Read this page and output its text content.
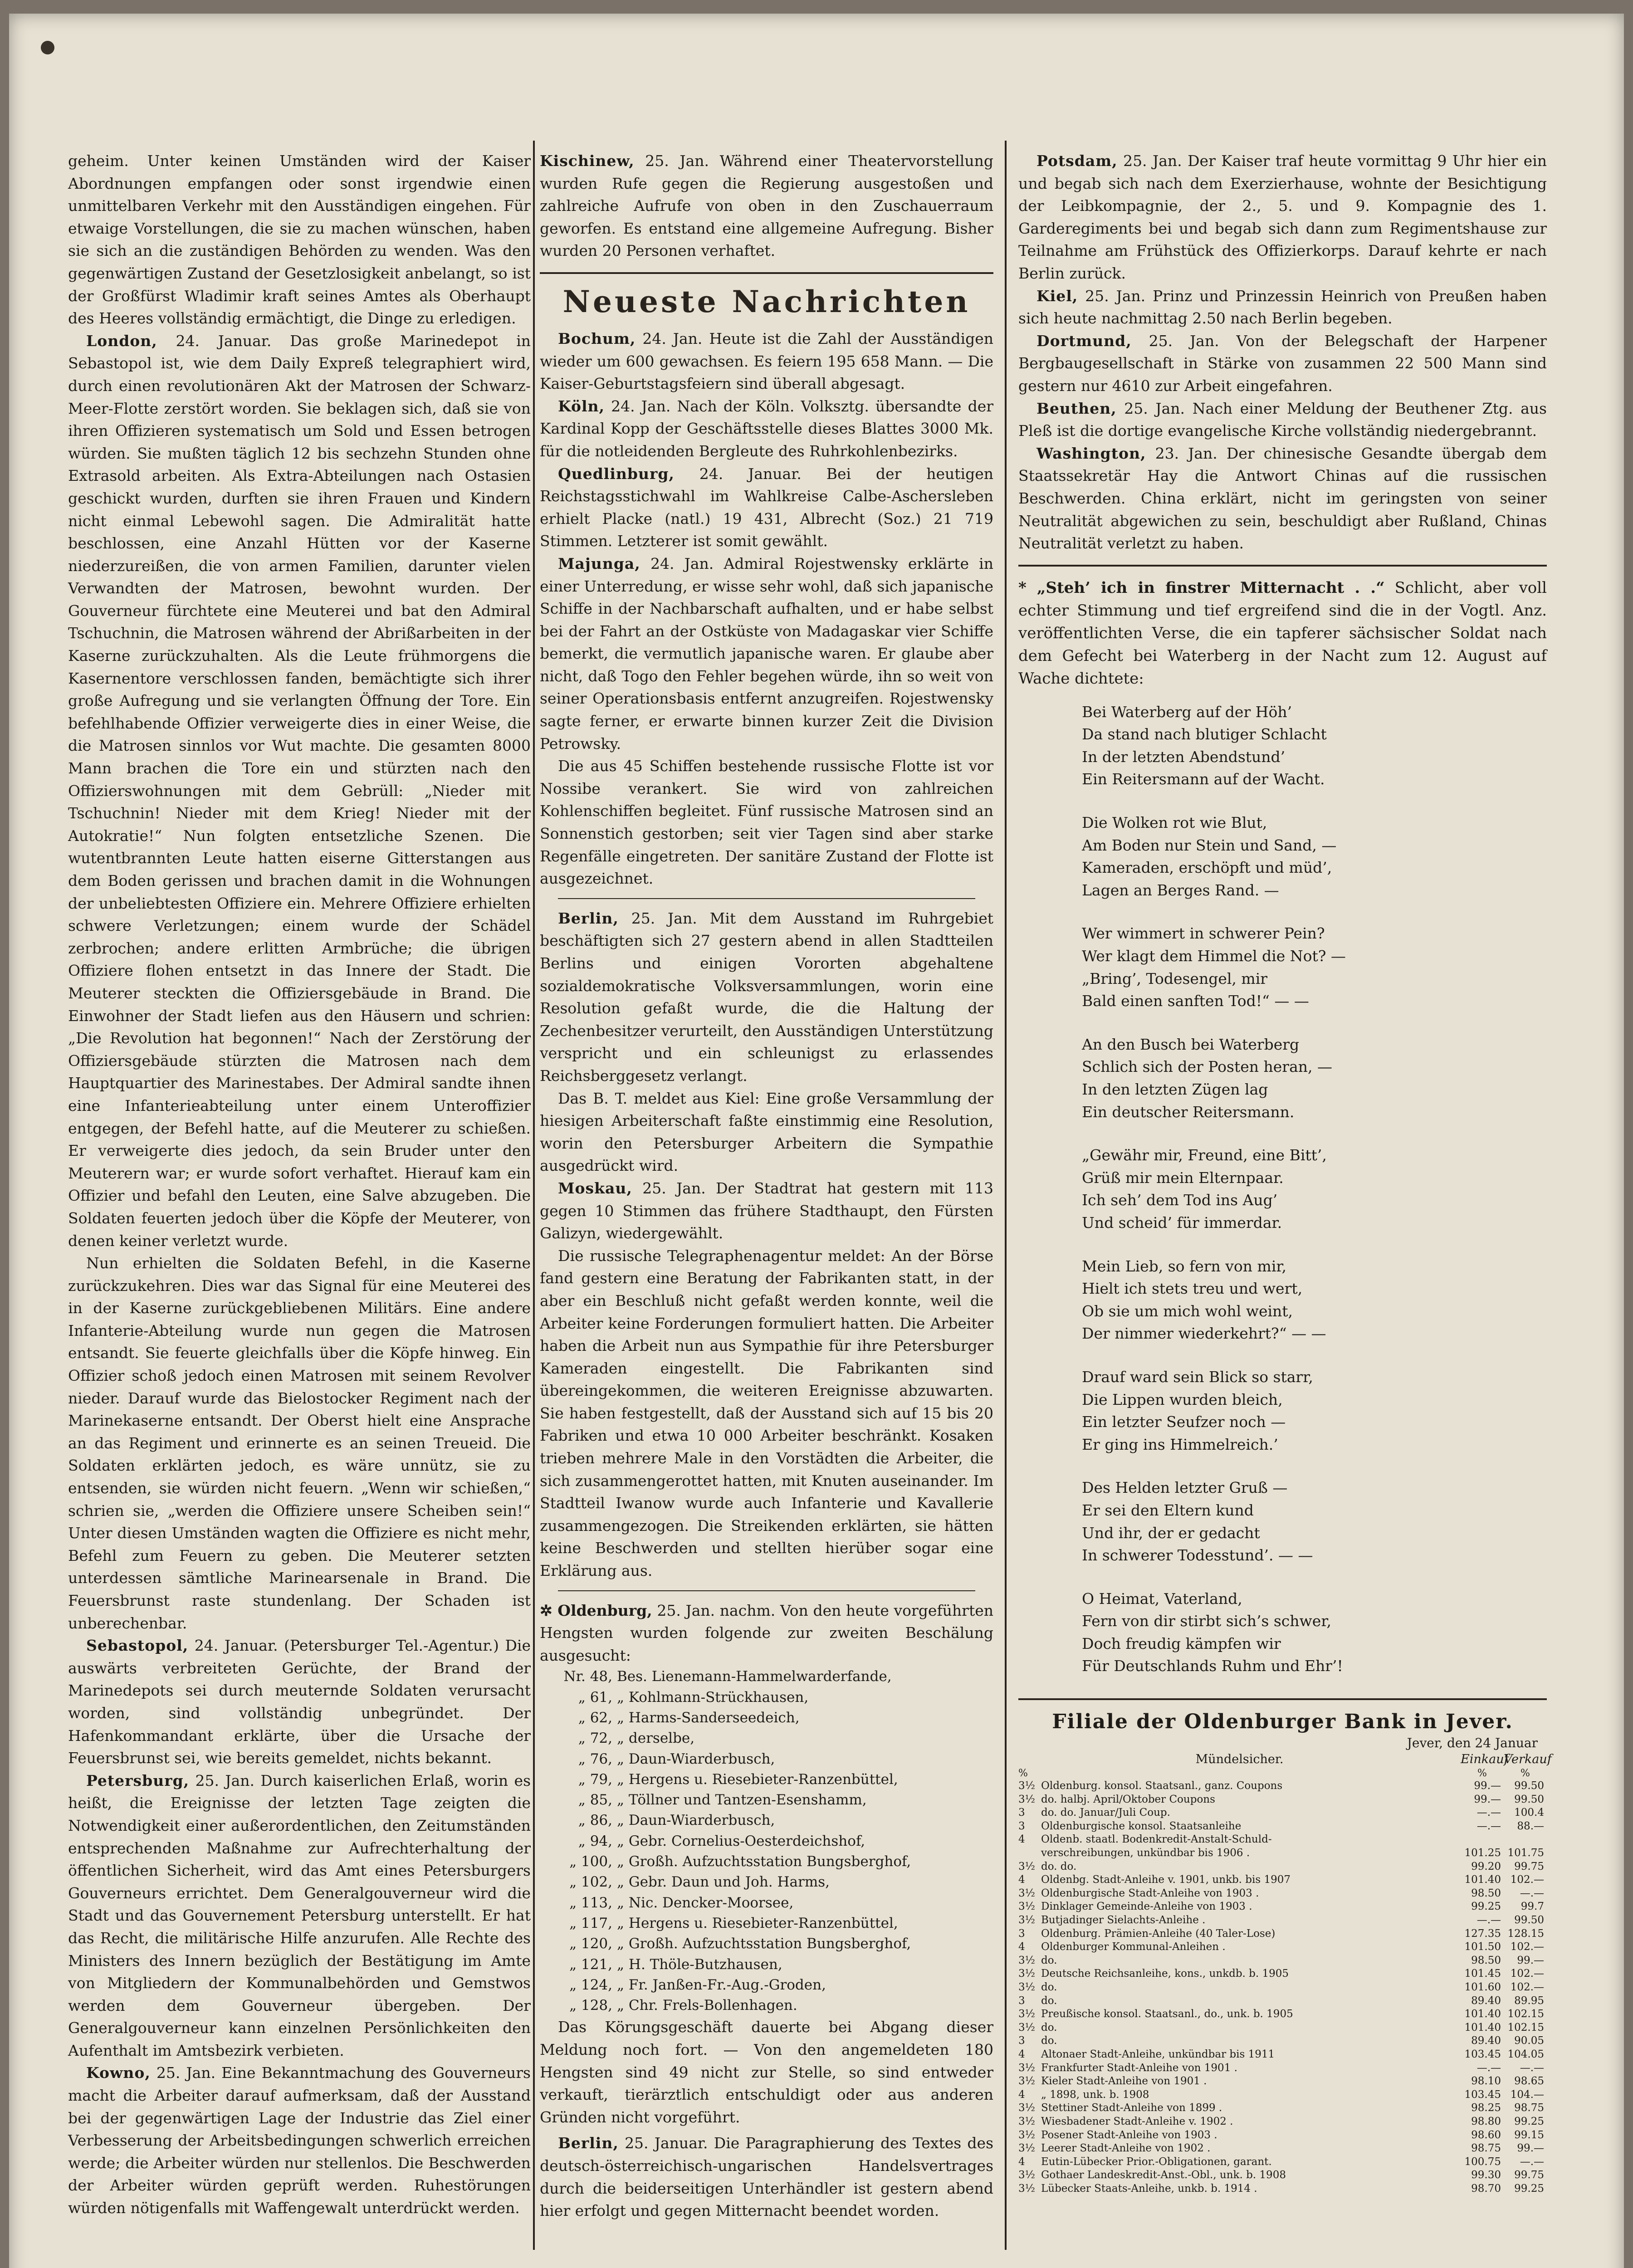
geheim. Unter keinen Umständen wird der Kaiser Abordnungen empfangen oder sonst irgendwie einen unmittelbaren Verkehr mit den Ausständigen eingehen. Für etwaige Vorstellungen, die sie zu machen wünschen, haben sie sich an die zuständigen Behörden zu wenden. Was den gegenwärtigen Zustand der Gesetzlosigkeit anbelangt, so ist der Großfürst Wladimir kraft seines Amtes als Oberhaupt des Heeres vollständig ermächtigt, die Dinge zu erledigen.

London, 24. Januar. Das große Marinedepot in Sebastopol ist, wie dem Daily Expreß telegraphiert wird, durch einen revolutionären Akt der Matrosen der Schwarz-Meer-Flotte zerstört worden. Sie beklagen sich, daß sie von ihren Offizieren systematisch um Sold und Essen betrogen würden. Sie mußten täglich 12 bis sechzehn Stunden ohne Extrasold arbeiten. Als Extra-Abteilungen nach Ostasien geschickt wurden, durften sie ihren Frauen und Kindern nicht einmal Lebewohl sagen. Die Admiralität hatte beschlossen, eine Anzahl Hütten vor der Kaserne niederzureißen, die von armen Familien, darunter vielen Verwandten der Matrosen, bewohnt wurden. Der Gouverneur fürchtete eine Meuterei und bat den Admiral Tschuchnin, die Matrosen während der Abrißarbeiten in der Kaserne zurückzuhalten. Als die Leute frühmorgens die Kasernentore verschlossen fanden, bemächtigte sich ihrer große Aufregung und sie verlangten Öffnung der Tore. Ein befehlhabende Offizier verweigerte dies in einer Weise, die die Matrosen sinnlos vor Wut machte. Die gesamten 8000 Mann brachen die Tore ein und stürzten nach den Offizierswohnungen mit dem Gebrüll: „Nieder mit Tschuchnin! Nieder mit dem Krieg! Nieder mit der Autokratie!“ Nun folgten entsetzliche Szenen. Die wutentbrannten Leute hatten eiserne Gitterstangen aus dem Boden gerissen und brachen damit in die Wohnungen der unbeliebtesten Offiziere ein. Mehrere Offiziere erhielten schwere Verletzungen; einem wurde der Schädel zerbrochen; andere erlitten Armbrüche; die übrigen Offiziere flohen entsetzt in das Innere der Stadt. Die Meuterer steckten die Offiziersgebäude in Brand. Die Einwohner der Stadt liefen aus den Häusern und schrien: „Die Revolution hat begonnen!“ Nach der Zerstörung der Offiziersgebäude stürzten die Matrosen nach dem Hauptquartier des Marinestabes. Der Admiral sandte ihnen eine Infanterieabteilung unter einem Unteroffizier entgegen, der Befehl hatte, auf die Meuterer zu schießen. Er verweigerte dies jedoch, da sein Bruder unter den Meuterern war; er wurde sofort verhaftet. Hierauf kam ein Offizier und befahl den Leuten, eine Salve abzugeben. Die Soldaten feuerten jedoch über die Köpfe der Meuterer, von denen keiner verletzt wurde.

Nun erhielten die Soldaten Befehl, in die Kaserne zurückzukehren. Dies war das Signal für eine Meuterei des in der Kaserne zurückgebliebenen Militärs. Eine andere Infanterie-Abteilung wurde nun gegen die Matrosen entsandt. Sie feuerte gleichfalls über die Köpfe hinweg. Ein Offizier schoß jedoch einen Matrosen mit seinem Revolver nieder. Darauf wurde das Bielostocker Regiment nach der Marinekaserne entsandt. Der Oberst hielt eine Ansprache an das Regiment und erinnerte es an seinen Treueid. Die Soldaten erklärten jedoch, es wäre unnütz, sie zu entsenden, sie würden nicht feuern. „Wenn wir schießen,“ schrien sie, „werden die Offiziere unsere Scheiben sein!“ Unter diesen Umständen wagten die Offiziere es nicht mehr, Befehl zum Feuern zu geben. Die Meuterer setzten unterdessen sämtliche Marinearsenale in Brand. Die Feuersbrunst raste stundenlang. Der Schaden ist unberechenbar.

Sebastopol, 24. Januar. (Petersburger Tel.-Agentur.) Die auswärts verbreiteten Gerüchte, der Brand der Marinedepots sei durch meuternde Soldaten verursacht worden, sind vollständig unbegründet. Der Hafenkommandant erklärte, über die Ursache der Feuersbrunst sei, wie bereits gemeldet, nichts bekannt.

Petersburg, 25. Jan. Durch kaiserlichen Erlaß, worin es heißt, die Ereignisse der letzten Tage zeigten die Notwendigkeit einer außerordentlichen, den Zeitumständen entsprechenden Maßnahme zur Aufrechterhaltung der öffentlichen Sicherheit, wird das Amt eines Petersburgers Gouverneurs errichtet. Dem Generalgouverneur wird die Stadt und das Gouvernement Petersburg unterstellt. Er hat das Recht, die militärische Hilfe anzurufen. Alle Rechte des Ministers des Innern bezüglich der Bestätigung im Amte von Mitgliedern der Kommunalbehörden und Gemstwos werden dem Gouverneur übergeben. Der Generalgouverneur kann einzelnen Persönlichkeiten den Aufenthalt im Amtsbezirk verbieten.

Kowno, 25. Jan. Eine Bekanntmachung des Gouverneurs macht die Arbeiter darauf aufmerksam, daß der Ausstand bei der gegenwärtigen Lage der Industrie das Ziel einer Verbesserung der Arbeitsbedingungen schwerlich erreichen werde; die Arbeiter würden nur stellenlos. Die Beschwerden der Arbeiter würden geprüft werden. Ruhestörungen würden nötigenfalls mit Waffengewalt unterdrückt werden.

Kischinew, 25. Jan. Während einer Theatervorstellung wurden Rufe gegen die Regierung ausgestoßen und zahlreiche Aufrufe von oben in den Zuschauerraum geworfen. Es entstand eine allgemeine Aufregung. Bisher wurden 20 Personen verhaftet.

Neueste Nachrichten

Bochum, 24. Jan. Heute ist die Zahl der Ausständigen wieder um 600 gewachsen. Es feiern 195 658 Mann. — Die Kaiser-Geburtstagsfeiern sind überall abgesagt.

Köln, 24. Jan. Nach der Köln. Volksztg. übersandte der Kardinal Kopp der Geschäftsstelle dieses Blattes 3000 Mk. für die notleidenden Bergleute des Ruhrkohlenbezirks.

Quedlinburg, 24. Januar. Bei der heutigen Reichstagsstichwahl im Wahlkreise Calbe-Aschersleben erhielt Placke (natl.) 19 431, Albrecht (Soz.) 21 719 Stimmen. Letzterer ist somit gewählt.

Majunga, 24. Jan. Admiral Rojestwensky erklärte in einer Unterredung, er wisse sehr wohl, daß sich japanische Schiffe in der Nachbarschaft aufhalten, und er habe selbst bei der Fahrt an der Ostküste von Madagaskar vier Schiffe bemerkt, die vermutlich japanische waren. Er glaube aber nicht, daß Togo den Fehler begehen würde, ihn so weit von seiner Operationsbasis entfernt anzugreifen. Rojestwensky sagte ferner, er erwarte binnen kurzer Zeit die Division Petrowsky.

Die aus 45 Schiffen bestehende russische Flotte ist vor Nossibe verankert. Sie wird von zahlreichen Kohlenschiffen begleitet. Fünf russische Matrosen sind an Sonnenstich gestorben; seit vier Tagen sind aber starke Regenfälle eingetreten. Der sanitäre Zustand der Flotte ist ausgezeichnet.

Berlin, 25. Jan. Mit dem Ausstand im Ruhrgebiet beschäftigten sich 27 gestern abend in allen Stadtteilen Berlins und einigen Vororten abgehaltene sozialdemokratische Volksversammlungen, worin eine Resolution gefaßt wurde, die die Haltung der Zechenbesitzer verurteilt, den Ausständigen Unterstützung verspricht und ein schleunigst zu erlassendes Reichsberggesetz verlangt.

Das B. T. meldet aus Kiel: Eine große Versammlung der hiesigen Arbeiterschaft faßte einstimmig eine Resolution, worin den Petersburger Arbeitern die Sympathie ausgedrückt wird.

Moskau, 25. Jan. Der Stadtrat hat gestern mit 113 gegen 10 Stimmen das frühere Stadthaupt, den Fürsten Galizyn, wiedergewählt.

Die russische Telegraphenagentur meldet: An der Börse fand gestern eine Beratung der Fabrikanten statt, in der aber ein Beschluß nicht gefaßt werden konnte, weil die Arbeiter keine Forderungen formuliert hatten. Die Arbeiter haben die Arbeit nun aus Sympathie für ihre Petersburger Kameraden eingestellt. Die Fabrikanten sind übereingekommen, die weiteren Ereignisse abzuwarten. Sie haben festgestellt, daß der Ausstand sich auf 15 bis 20 Fabriken und etwa 10 000 Arbeiter beschränkt. Kosaken trieben mehrere Male in den Vorstädten die Arbeiter, die sich zusammengerottet hatten, mit Knuten auseinander. Im Stadtteil Iwanow wurde auch Infanterie und Kavallerie zusammengezogen. Die Streikenden erklärten, sie hätten keine Beschwerden und stellten hierüber sogar eine Erklärung aus.

✲ Oldenburg, 25. Jan. nachm. Von den heute vorgeführten Hengsten wurden folgende zur zweiten Beschälung ausgesucht:

Nr. 48, Bes. Lienemann-Hammelwarderfande,
„ 61, „ Kohlmann-Strückhausen,
„ 62, „ Harms-Sanderseedeich,
„ 72, „ derselbe,
„ 76, „ Daun-Wiarderbusch,
„ 79, „ Hergens u. Riesebieter-Ranzenbüttel,
„ 85, „ Töllner und Tantzen-Esenshamm,
„ 86, „ Daun-Wiarderbusch,
„ 94, „ Gebr. Cornelius-Oesterdeichshof,
„ 100, „ Großh. Aufzuchtsstation Bungsberghof,
„ 102, „ Gebr. Daun und Joh. Harms,
„ 113, „ Nic. Dencker-Moorsee,
„ 117, „ Hergens u. Riesebieter-Ranzenbüttel,
„ 120, „ Großh. Aufzuchtsstation Bungsberghof,
„ 121, „ H. Thöle-Butzhausen,
„ 124, „ Fr. Janßen-Fr.-Aug.-Groden,
„ 128, „ Chr. Frels-Bollenhagen.

Das Körungsgeschäft dauerte bei Abgang dieser Meldung noch fort. — Von den angemeldeten 180 Hengsten sind 49 nicht zur Stelle, so sind entweder verkauft, tierärztlich entschuldigt oder aus anderen Gründen nicht vorgeführt.

Berlin, 25. Januar. Die Paragraphierung des Textes des deutsch-österreichisch-ungarischen Handelsvertrages durch die beiderseitigen Unterhändler ist gestern abend hier erfolgt und gegen Mitternacht beendet worden.

Potsdam, 25. Jan. Der Kaiser traf heute vormittag 9 Uhr hier ein und begab sich nach dem Exerzierhause, wohnte der Besichtigung der Leibkompagnie, der 2., 5. und 9. Kompagnie des 1. Garderegiments bei und begab sich dann zum Regimentshause zur Teilnahme am Frühstück des Offizierkorps. Darauf kehrte er nach Berlin zurück.

Kiel, 25. Jan. Prinz und Prinzessin Heinrich von Preußen haben sich heute nachmittag 2.50 nach Berlin begeben.

Dortmund, 25. Jan. Von der Belegschaft der Harpener Bergbaugesellschaft in Stärke von zusammen 22 500 Mann sind gestern nur 4610 zur Arbeit eingefahren.

Beuthen, 25. Jan. Nach einer Meldung der Beuthener Ztg. aus Pleß ist die dortige evangelische Kirche vollständig niedergebrannt.

Washington, 23. Jan. Der chinesische Gesandte übergab dem Staatssekretär Hay die Antwort Chinas auf die russischen Beschwerden. China erklärt, nicht im geringsten von seiner Neutralität abgewichen zu sein, beschuldigt aber Rußland, Chinas Neutralität verletzt zu haben.

* „Steh’ ich in finstrer Mitternacht . .“ Schlicht, aber voll echter Stimmung und tief ergreifend sind die in der Vogtl. Anz. veröffentlichten Verse, die ein tapferer sächsischer Soldat nach dem Gefecht bei Waterberg in der Nacht zum 12. August auf Wache dichtete:

Bei Waterberg auf der Höh’

Da stand nach blutiger Schlacht

In der letzten Abendstund’

Ein Reitersmann auf der Wacht.

Die Wolken rot wie Blut,

Am Boden nur Stein und Sand, —

Kameraden, erschöpft und müd’,

Lagen an Berges Rand. —

Wer wimmert in schwerer Pein?

Wer klagt dem Himmel die Not? —

„Bring’, Todesengel, mir

Bald einen sanften Tod!“ — —

An den Busch bei Waterberg

Schlich sich der Posten heran, —

In den letzten Zügen lag

Ein deutscher Reitersmann.

„Gewähr mir, Freund, eine Bitt’,

Grüß mir mein Elternpaar.

Ich seh’ dem Tod ins Aug’

Und scheid’ für immerdar.

Mein Lieb, so fern von mir,

Hielt ich stets treu und wert,

Ob sie um mich wohl weint,

Der nimmer wiederkehrt?“ — —

Drauf ward sein Blick so starr,

Die Lippen wurden bleich,

Ein letzter Seufzer noch —

Er ging ins Himmelreich.’

Des Helden letzter Gruß —

Er sei den Eltern kund

Und ihr, der er gedacht

In schwerer Todesstund’. — —

O Heimat, Vaterland,

Fern von dir stirbt sich’s schwer,

Doch freudig kämpfen wir

Für Deutschlands Ruhm und Ehr’!

Filiale der Oldenburger Bank in Jever.
Jever, den 24 Januar
Mündelsicher.	Einkauf
Verkauf
%	%	%
3½ Oldenburg. konsol. Staatsanl., ganz. Coupons	99.—	99.50
3½ do. halbj. April/Oktober Coupons	99.—	99.50
3	do. do. Januar/Juli Coup.	—.—	100.4
3	Oldenburgische konsol. Staatsanleihe	—.—	88.—
4	Oldenb. staatl. Bodenkredit-Anstalt-Schuld-
verschreibungen, unkündbar bis 1906 .	101.25 101.75
3½ do. do.	99.20	99.75
4	Oldenbg. Stadt-Anleihe v. 1901, unkb. bis 1907	101.40 102.—
3½ Oldenburgische Stadt-Anleihe von 1903 .	98.50	—.—
3½ Dinklager Gemeinde-Anleihe von 1903 .	99.25	99.7
3½ Butjadinger Sielachts-Anleihe .	—.—	99.50
3	Oldenburg. Prämien-Anleihe (40 Taler-Lose)	127.35 128.15
4	Oldenburger Kommunal-Anleihen .	101.50 102.—
3½ do.	98.50	99.—
3½ Deutsche Reichsanleihe, kons., unkdb. b. 1905	101.45 102.—
3½ do.	101.60 102.—
3	do.	89.40	89.95
3½ Preußische konsol. Staatsanl., do., unk. b. 1905	101.40 102.15
3½ do.	101.40 102.15
3	do.	89.40	90.05
4	Altonaer Stadt-Anleihe, unkündbar bis 1911	103.45 104.05
3½ Frankfurter Stadt-Anleihe von 1901 .	—.—	—.—
3½ Kieler Stadt-Anleihe von 1901 .	98.10	98.65
4	„ 1898, unk. b. 1908	103.45 104.—
3½ Stettiner Stadt-Anleihe von 1899 .	98.25	98.75
3½ Wiesbadener Stadt-Anleihe v. 1902 .	98.80	99.25
3½ Posener Stadt-Anleihe von 1903 .	98.60	99.15
3½ Leerer Stadt-Anleihe von 1902 .	98.75	99.—
4	Eutin-Lübecker Prior.-Obligationen, garant.	100.75	—.—
3½ Gothaer Landeskredit-Anst.-Obl., unk. b. 1908	99.30	99.75
3½ Lübecker Staats-Anleihe, unkb. b. 1914 .	98.70	99.25
